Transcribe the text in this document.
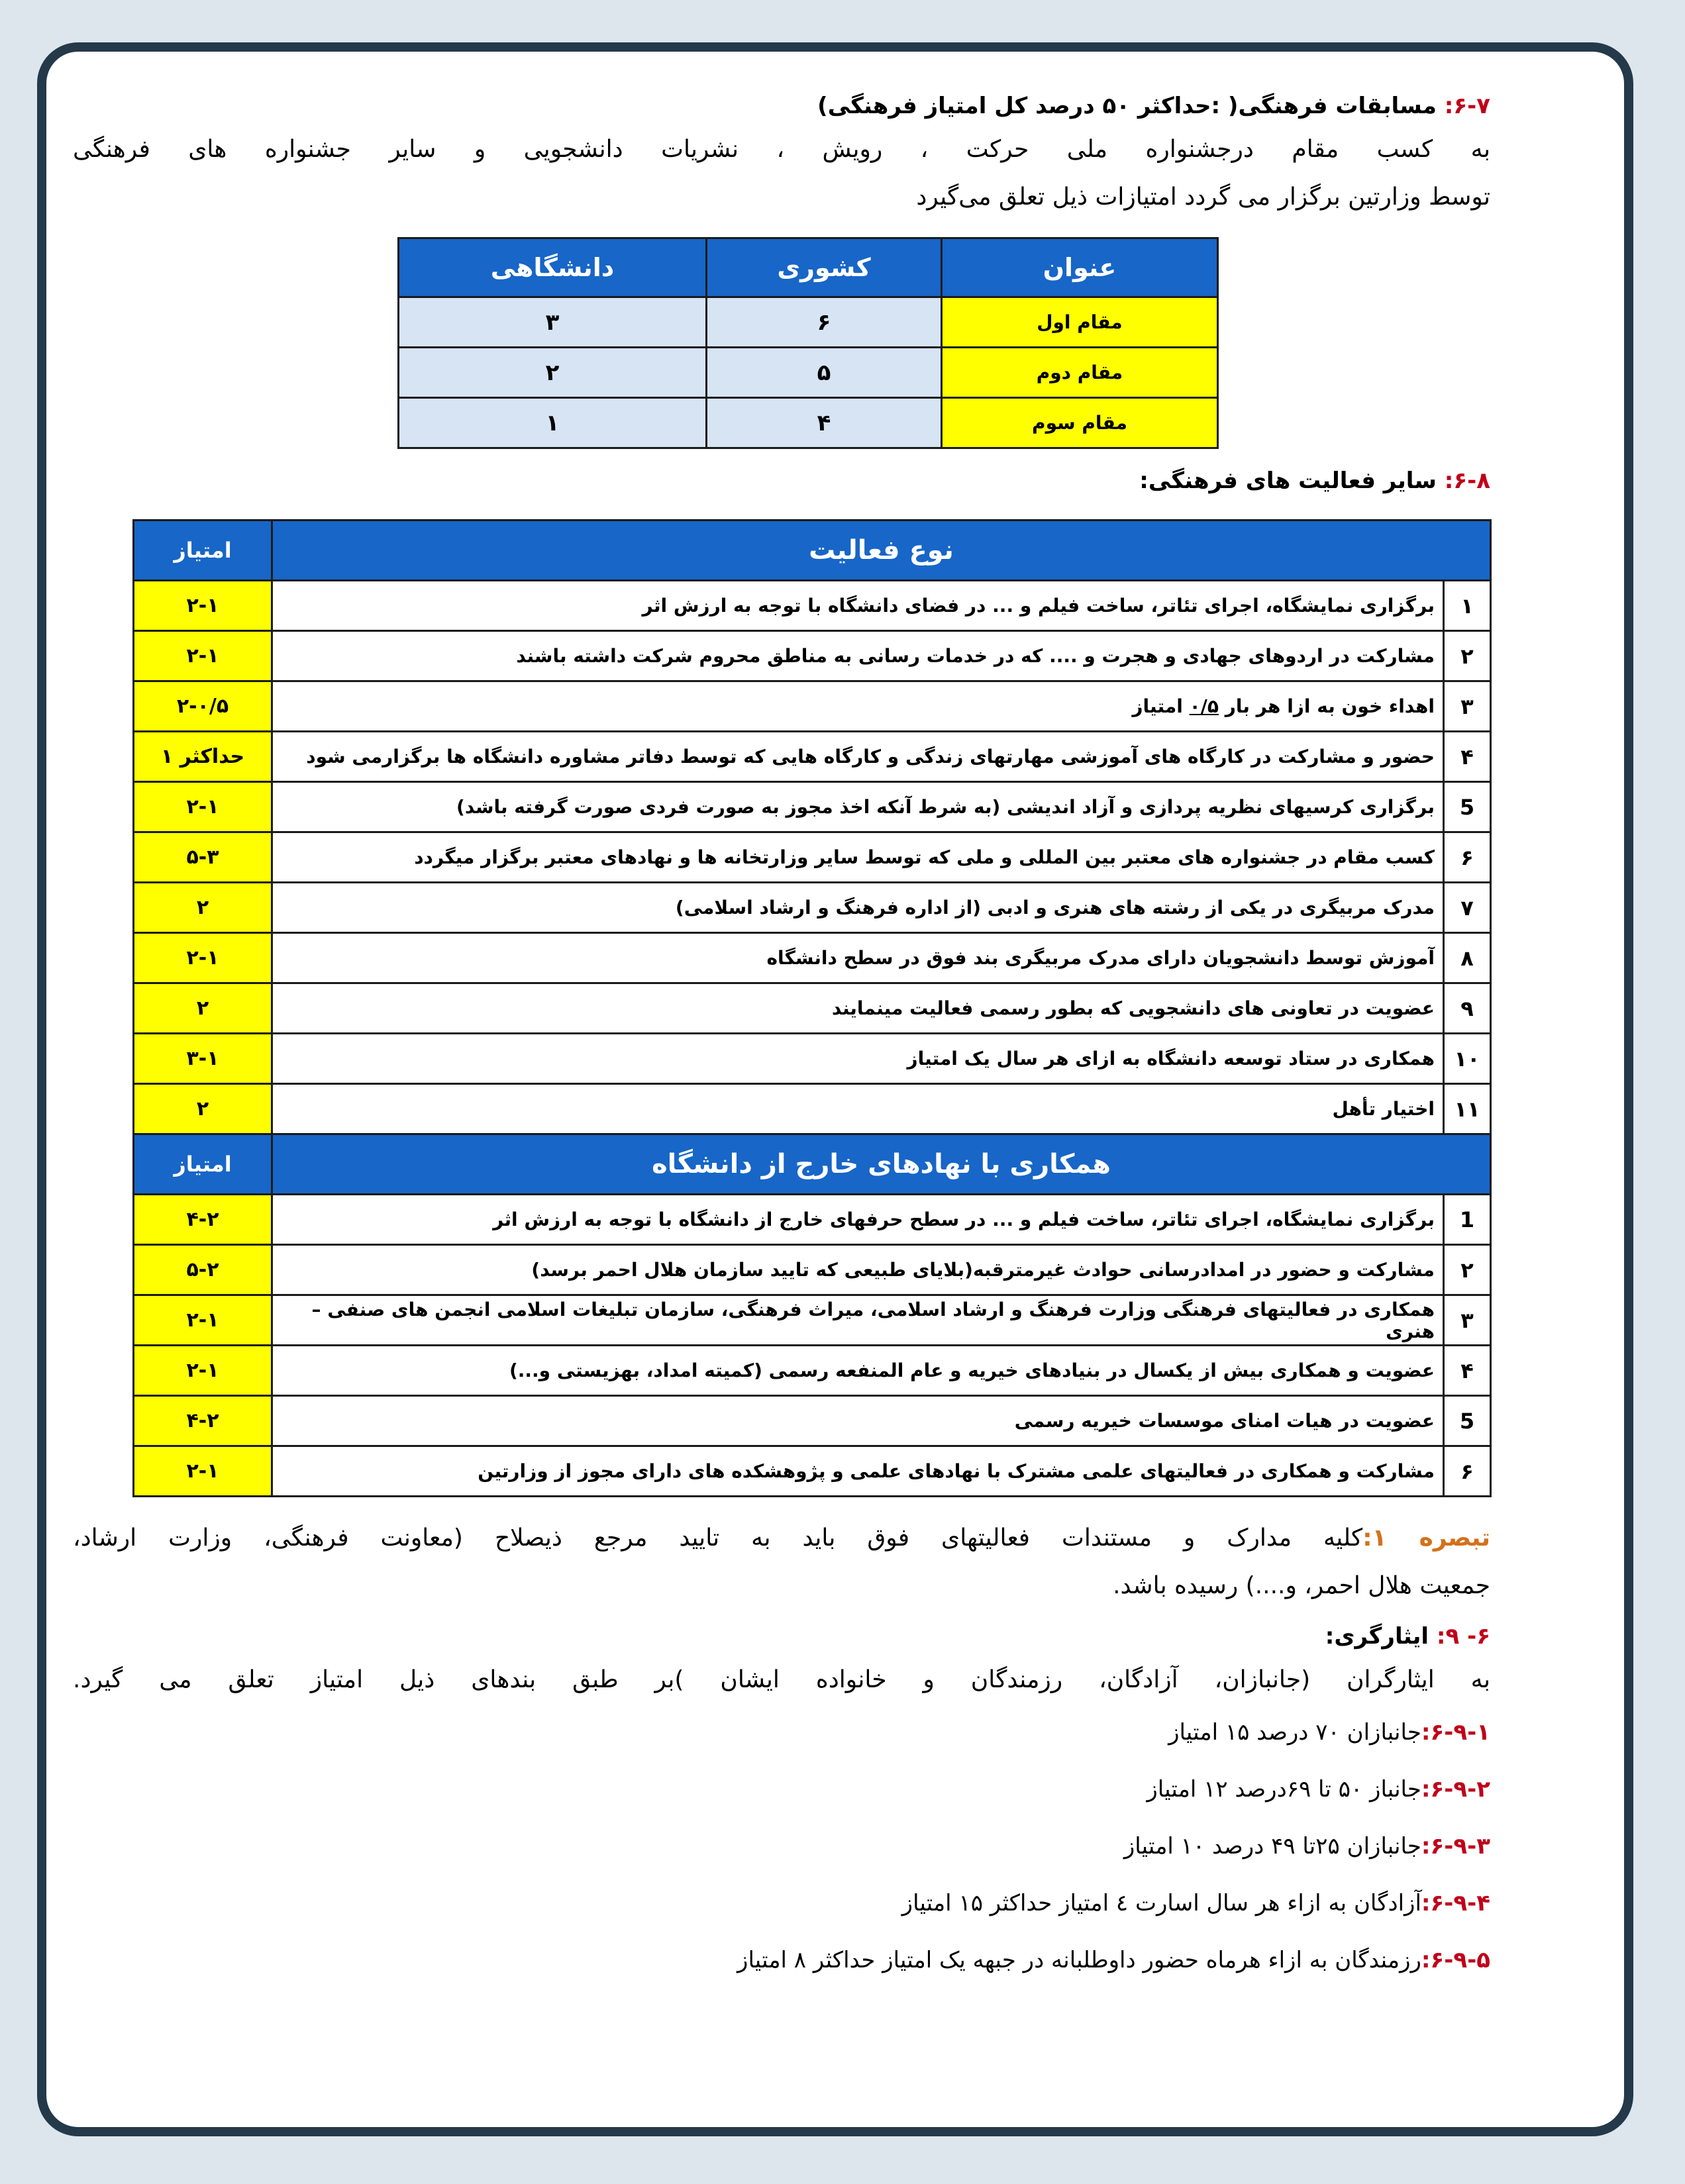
۶-۷: مسابقات فرهنگی( :حداکثر ۵۰ درصد کل امتیاز فرهنگی)
به کسب مقام درجشنواره ملی حرکت ، رویش ، نشریات دانشجویی و سایر جشنواره های فرهنگی
توسط وزارتین برگزار می گردد امتیازات ذیل تعلق می‌گیرد
عنوان	کشوری	دانشگاهی
مقام اول	۶	۳
مقام دوم	۵	۲
مقام سوم	۴	۱
۶-۸: سایر فعالیت های فرهنگی:
نوع فعالیت		امتیاز
۱	برگزاری نمایشگاه، اجرای تئاتر، ساخت فیلم و ... در فضای دانشگاه با توجه به ارزش اثر	۲-۱
۲	مشارکت در اردوهای جهادی و هجرت و .... که در خدمات رسانی به مناطق محروم شرکت داشته باشند	۲-۱
۳	اهداء خون به ازا هر بار ۰/۵ امتیاز	۲-۰/۵
۴	حضور و مشارکت در کارگاه های آموزشی مهارتهای زندگی و کارگاه هایی که توسط دفاتر مشاوره دانشگاه ها برگزارمی شود	حداکثر ۱
5	برگزاری کرسیهای نظریه پردازی و آزاد اندیشی (به شرط آنکه اخذ مجوز به صورت فردی صورت گرفته باشد)	۲-۱
۶	کسب مقام در جشنواره های معتبر بین المللی و ملی که توسط سایر وزارتخانه ها و نهادهای معتبر برگزار میگردد	۵-۳
۷	مدرک مربیگری در یکی از رشته های هنری و ادبی (از اداره فرهنگ و ارشاد اسلامی)	۲
۸	آموزش توسط دانشجویان دارای مدرک مربیگری بند فوق در سطح دانشگاه	۲-۱
۹	عضویت در تعاونی های دانشجویی که بطور رسمی فعالیت مینمایند	۲
۱۰	همکاری در ستاد توسعه دانشگاه به ازای هر سال یک امتیاز	۳-۱
۱۱	اختیار تأهل	۲
همکاری با نهادهای خارج از دانشگاه		امتیاز
1	برگزاری نمایشگاه، اجرای تئاتر، ساخت فیلم و ... در سطح حرفهای خارج از دانشگاه با توجه به ارزش اثر	۴-۲
۲	مشارکت و حضور در امدادرسانی حوادث غیرمترقبه(بلایای طبیعی که تایید سازمان هلال احمر برسد)	۵-۲
۳	همکاری در فعالیتهای فرهنگی وزارت فرهنگ و ارشاد اسلامی، میراث فرهنگی، سازمان تبلیغات اسلامی انجمن های صنفی – هنری	۲-۱
۴	عضویت و همکاری بیش از یکسال در بنیادهای خیریه و عام المنفعه رسمی (کمیته امداد، بهزیستی و...)	۲-۱
5	عضویت در هیات امنای موسسات خیریه رسمی	۴-۲
۶	مشارکت و همکاری در فعالیتهای علمی مشترک با نهادهای علمی و پژوهشکده های دارای مجوز از وزارتین	۲-۱
تبصره ۱:کلیه مدارک و مستندات فعالیتهای فوق باید به تایید مرجع ذیصلاح (معاونت فرهنگی، وزارت ارشاد،
جمعیت هلال احمر، و....) رسیده باشد.
۶- ۹: ایثارگری:
به ایثارگران (جانبازان، آزادگان، رزمندگان و خانواده ایشان )بر طبق بندهای ذیل امتیاز تعلق می گیرد.
۶-۹-۱:جانبازان ۷۰ درصد ۱۵ امتیاز
۶-۹-۲:جانباز ۵۰ تا ۶۹درصد ۱۲ امتیاز
۶-۹-۳:جانبازان ۲۵تا ۴۹ درصد ۱۰ امتیاز
۶-۹-۴:آزادگان به ازاء هر سال اسارت ٤ امتیاز حداکثر ۱۵ امتیاز
۶-۹-۵:رزمندگان به ازاء هرماه حضور داوطلبانه در جبهه یک امتیاز حداکثر ۸ امتیاز
